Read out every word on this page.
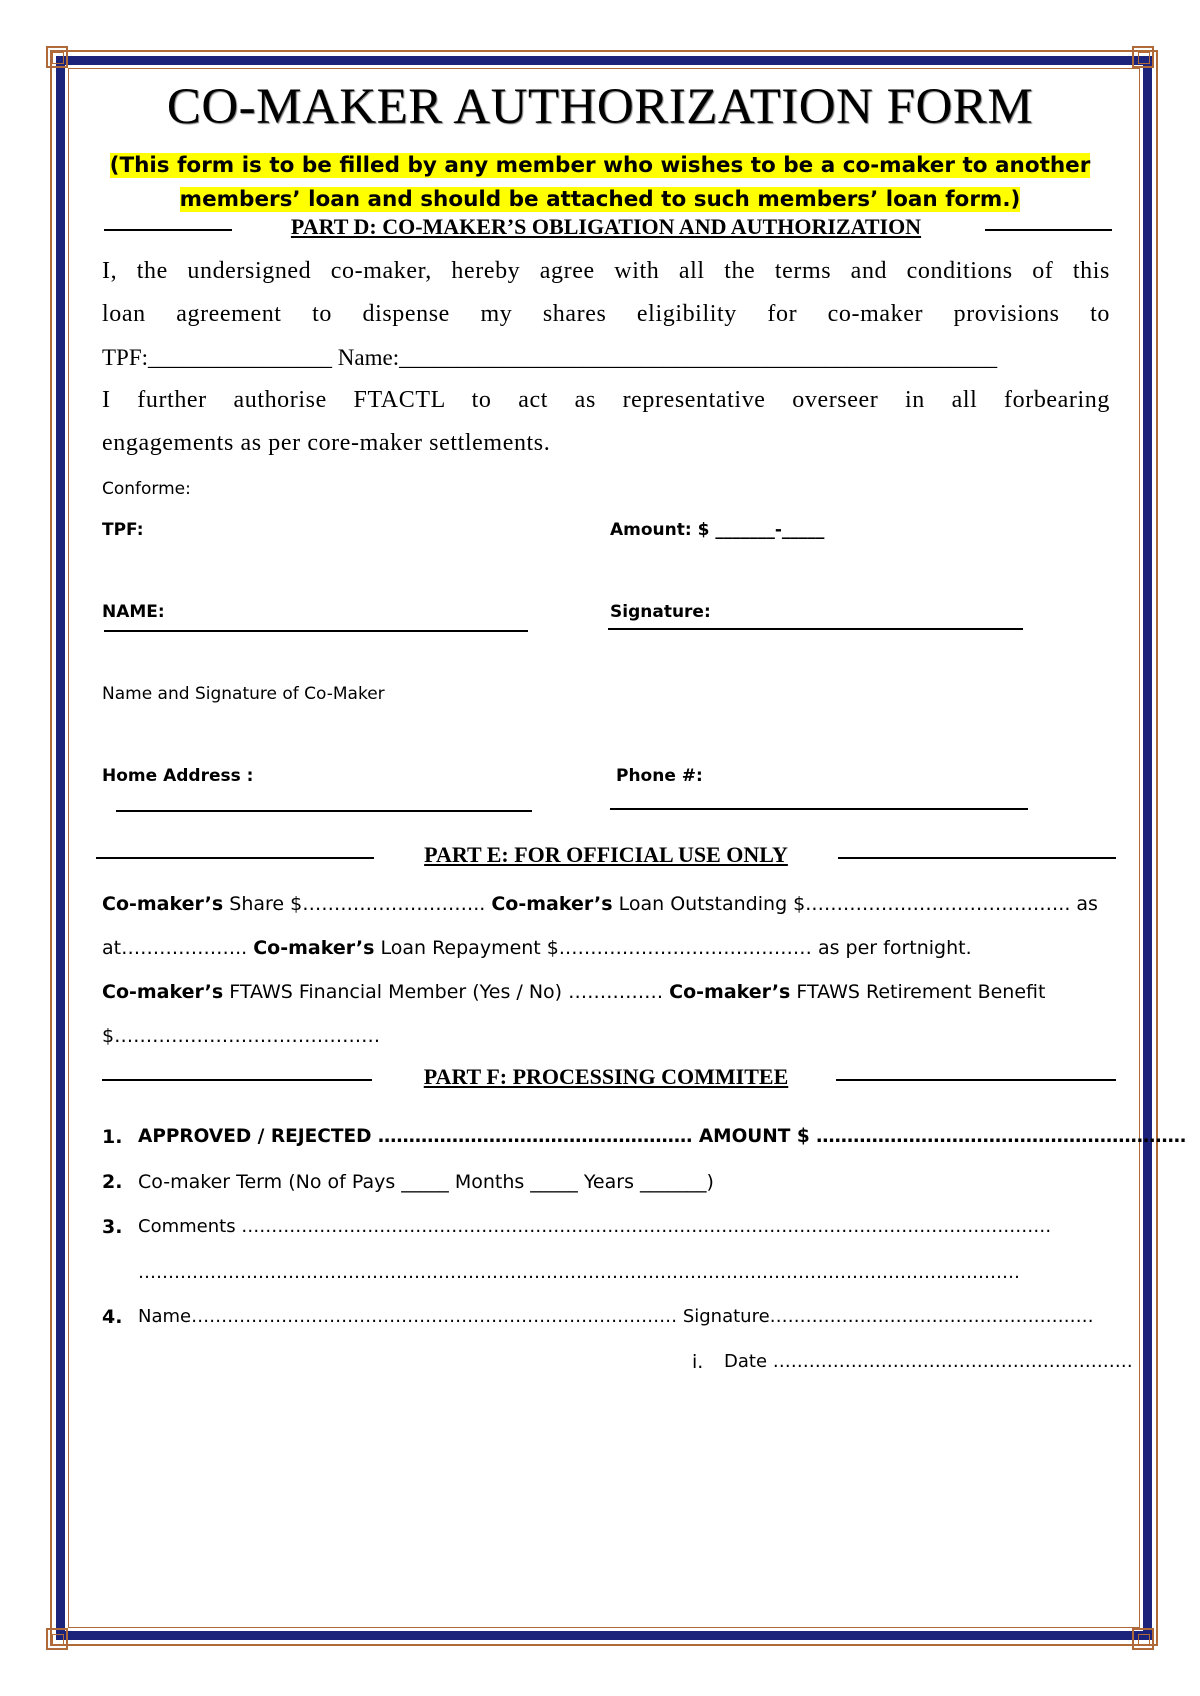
CO-MAKER AUTHORIZATION FORM
(This form is to be filled by any member who wishes to be a co-maker to another
members’ loan and should be attached to such members’ loan form.)
PART D: CO-MAKER’S OBLIGATION AND AUTHORIZATION
I, the undersigned co-maker, hereby agree with all the terms and conditions of this
loan agreement to dispense my shares eligibility for co-maker provisions to
TPF:________________ Name:____________________________________________________
I further authorise FTACTL to act as representative overseer in all forbearing
engagements as per core-maker settlements.
Conforme:
TPF:	Amount: $ _______-_____
NAME:	Signature:
Name and Signature of Co-Maker
Home Address :	Phone #:
PART E: FOR OFFICIAL USE ONLY
Co-maker’s Share $……………………….. Co-maker’s Loan Outstanding $.………………………………….. as
at……………….. Co-maker’s Loan Repayment $.………………………………… as per fortnight.
Co-maker’s FTAWS Financial Member (Yes / No) …………… Co-maker’s FTAWS Retirement Benefit
$……………………………………
PART F: PROCESSING COMMITEE
1. APPROVED / REJECTED …………………………………………… AMOUNT $ ……………………………………………………
2. Co-maker Term (No of Pays _____ Months _____ Years _______)
3. Comments ………………………………………………………………………………………………………………………
…………………………………………………………………………………………………………………………………
4. Name……………………………………………………………………… Signature………………………………………………
i. Date ……………………………………………………
